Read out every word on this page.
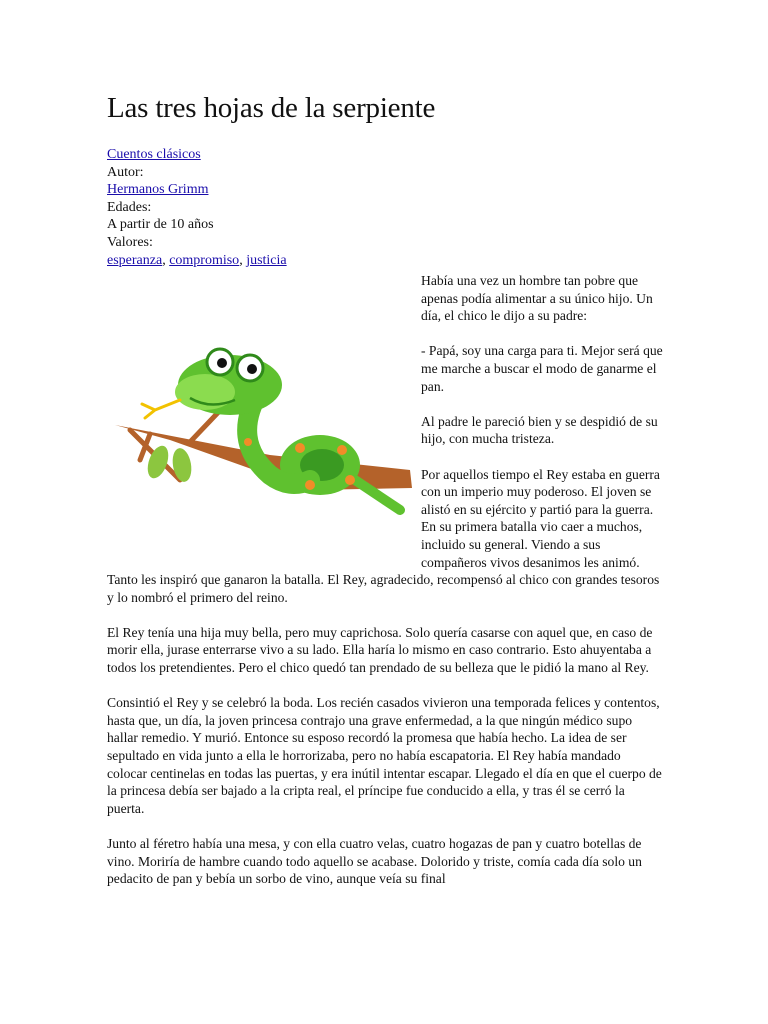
Las tres hojas de la serpiente
Cuentos clásicos
Autor:
Hermanos Grimm
Edades:
A partir de 10 años
Valores:
esperanza, compromiso, justicia

Había una vez un hombre tan pobre que apenas podía alimentar a su único hijo. Un día, el chico le dijo a su padre:

- Papá, soy una carga para ti. Mejor será que me marche a buscar el modo de ganarme el pan.

Al padre le pareció bien y se despidió de su hijo, con mucha tristeza.

Por aquellos tiempo el Rey estaba en guerra con un imperio muy poderoso. El joven se alistó en su ejército y partió para la guerra. En su primera batalla vio caer a muchos, incluido su general. Viendo a sus compañeros vivos desanimos les animó. Tanto les inspiró que ganaron la batalla. El Rey, agradecido, recompensó al chico con grandes tesoros y lo nombró el primero del reino.

El Rey tenía una hija muy bella, pero muy caprichosa. Solo quería casarse con aquel que, en caso de morir ella, jurase enterrarse vivo a su lado. Ella haría lo mismo en caso contrario. Esto ahuyentaba a todos los pretendientes. Pero el chico quedó tan prendado de su belleza que le pidió la mano al Rey.

Consintió el Rey y se celebró la boda. Los recién casados vivieron una temporada felices y contentos, hasta que, un día, la joven princesa contrajo una grave enfermedad, a la que ningún médico supo hallar remedio. Y murió. Entonce su esposo recordó la promesa que había hecho. La idea de ser sepultado en vida junto a ella le horrorizaba, pero no había escapatoria. El Rey había mandado colocar centinelas en todas las puertas, y era inútil intentar escapar. Llegado el día en que el cuerpo de la princesa debía ser bajado a la cripta real, el príncipe fue conducido a ella, y tras él se cerró la puerta.

Junto al féretro había una mesa, y con ella cuatro velas, cuatro hogazas de pan y cuatro botellas de vino. Moriría de hambre cuando todo aquello se acabase. Dolorido y triste, comía cada día solo un pedacito de pan y bebía un sorbo de vino, aunque veía su final
